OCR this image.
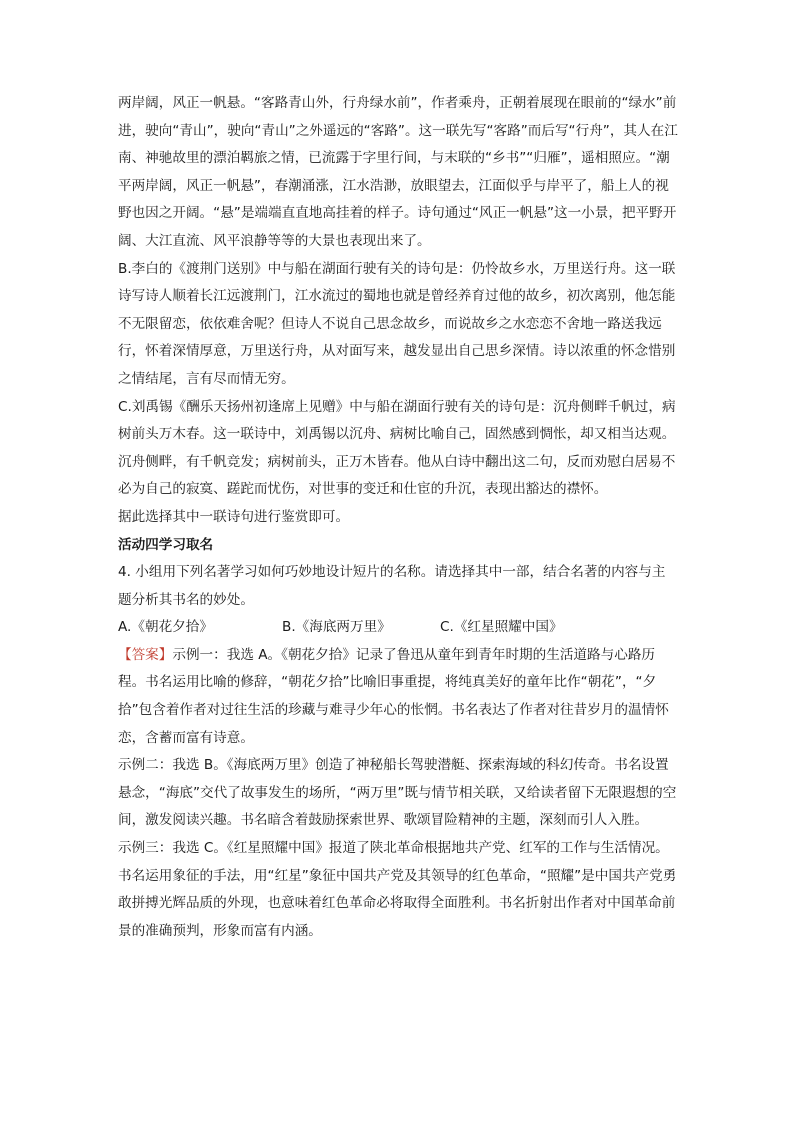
两岸阔，风正一帆悬。“客路青山外，行舟绿水前”，作者乘舟，正朝着展现在眼前的“绿水”前进，驶向“青山”，驶向“青山”之外遥远的“客路”。这一联先写“客路”而后写“行舟”，其人在江南、神驰故里的漂泊羁旅之情，已流露于字里行间，与末联的“乡书”“归雁”，遥相照应。“潮平两岸阔，风正一帆悬”，春潮涌涨，江水浩渺，放眼望去，江面似乎与岸平了，船上人的视野也因之开阔。“悬”是端端直直地高挂着的样子。诗句通过“风正一帆悬”这一小景，把平野开阔、大江直流、风平浪静等等的大景也表现出来了。

B.李白的《渡荆门送别》中与船在湖面行驶有关的诗句是：仍怜故乡水，万里送行舟。这一联诗写诗人顺着长江远渡荆门，江水流过的蜀地也就是曾经养育过他的故乡，初次离别，他怎能不无限留恋，依依难舍呢？但诗人不说自己思念故乡，而说故乡之水恋恋不舍地一路送我远行，怀着深情厚意，万里送行舟，从对面写来，越发显出自己思乡深情。诗以浓重的怀念惜别之情结尾，言有尽而情无穷。

C.刘禹锡《酬乐天扬州初逢席上见赠》中与船在湖面行驶有关的诗句是：沉舟侧畔千帆过，病树前头万木春。这一联诗中，刘禹锡以沉舟、病树比喻自己，固然感到惆怅，却又相当达观。沉舟侧畔，有千帆竞发；病树前头，正万木皆春。他从白诗中翻出这二句，反而劝慰白居易不必为自己的寂寞、蹉跎而忧伤，对世事的变迁和仕宦的升沉，表现出豁达的襟怀。

据此选择其中一联诗句进行鉴赏即可。

活动四学习取名

4. 小组用下列名著学习如何巧妙地设计短片的名称。请选择其中一部，结合名著的内容与主题分析其书名的妙处。

A.《朝花夕拾》	B.《海底两万里》	C.《红星照耀中国》

【答案】示例一：我选 A。《朝花夕拾》记录了鲁迅从童年到青年时期的生活道路与心路历程。书名运用比喻的修辞，“朝花夕拾”比喻旧事重提，将纯真美好的童年比作“朝花”，“夕拾”包含着作者对过往生活的珍藏与难寻少年心的怅惘。书名表达了作者对往昔岁月的温情怀恋，含蓄而富有诗意。

示例二：我选 B。《海底两万里》创造了神秘船长驾驶潜艇、探索海域的科幻传奇。书名设置悬念，“海底”交代了故事发生的场所，“两万里”既与情节相关联，又给读者留下无限遐想的空间，激发阅读兴趣。书名暗含着鼓励探索世界、歌颂冒险精神的主题，深刻而引人入胜。

示例三：我选 C。《红星照耀中国》报道了陕北革命根据地共产党、红军的工作与生活情况。书名运用象征的手法，用“红星”象征中国共产党及其领导的红色革命，“照耀”是中国共产党勇敢拼搏光辉品质的外现，也意味着红色革命必将取得全面胜利。书名折射出作者对中国革命前景的准确预判，形象而富有内涵。
